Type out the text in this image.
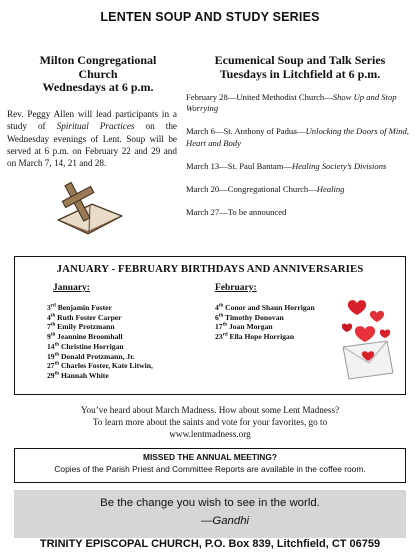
LENTEN SOUP AND STUDY SERIES
Milton Congregational
Church
Wednesdays at 6 p.m.
Rev. Peggy Allen will lead participants in a study of Spiritual Practices on the Wednesday evenings of Lent. Soup will be served at 6 p.m. on February 22 and 29 and on March 7, 14, 21 and 28.
Ecumenical Soup and Talk Series
Tuesdays in Litchfield at 6 p.m.
February 28—United Methodist Church—Show Up and Stop Worrying
March 6—St. Anthony of Padua—Unlocking the Doors of Mind, Heart and Body
March 13—St. Paul Bantam—Healing Society’s Divisions
March 20—Congregational Church—Healing
March 27—To be announced
JANUARY - FEBRUARY BIRTHDAYS AND ANNIVERSARIES
January:
3rd Benjamin Foster
4th Ruth Foster Carper
7th Emily Protzmann
9th Jeannine Broomhall
14th Christine Horrigan
19th Donald Protzmann, Jr.
27th Charles Foster, Kate Litwin,
29th Hannah White
February:
4th Conor and Shaun Horrigan
6th Timothy Donovan
17th Joan Morgan
23rd Ella Hope Horrigan
You’ve heard about March Madness. How about some Lent Madness?
To learn more about the saints and vote for your favorites, go to
www.lentmadness.org
MISSED THE ANNUAL MEETING?
Copies of the Parish Priest and Committee Reports are available in the coffee room.
Be the change you wish to see in the world.
—Gandhi
TRINITY EPISCOPAL CHURCH, P.O. Box 839, Litchfield, CT 06759
